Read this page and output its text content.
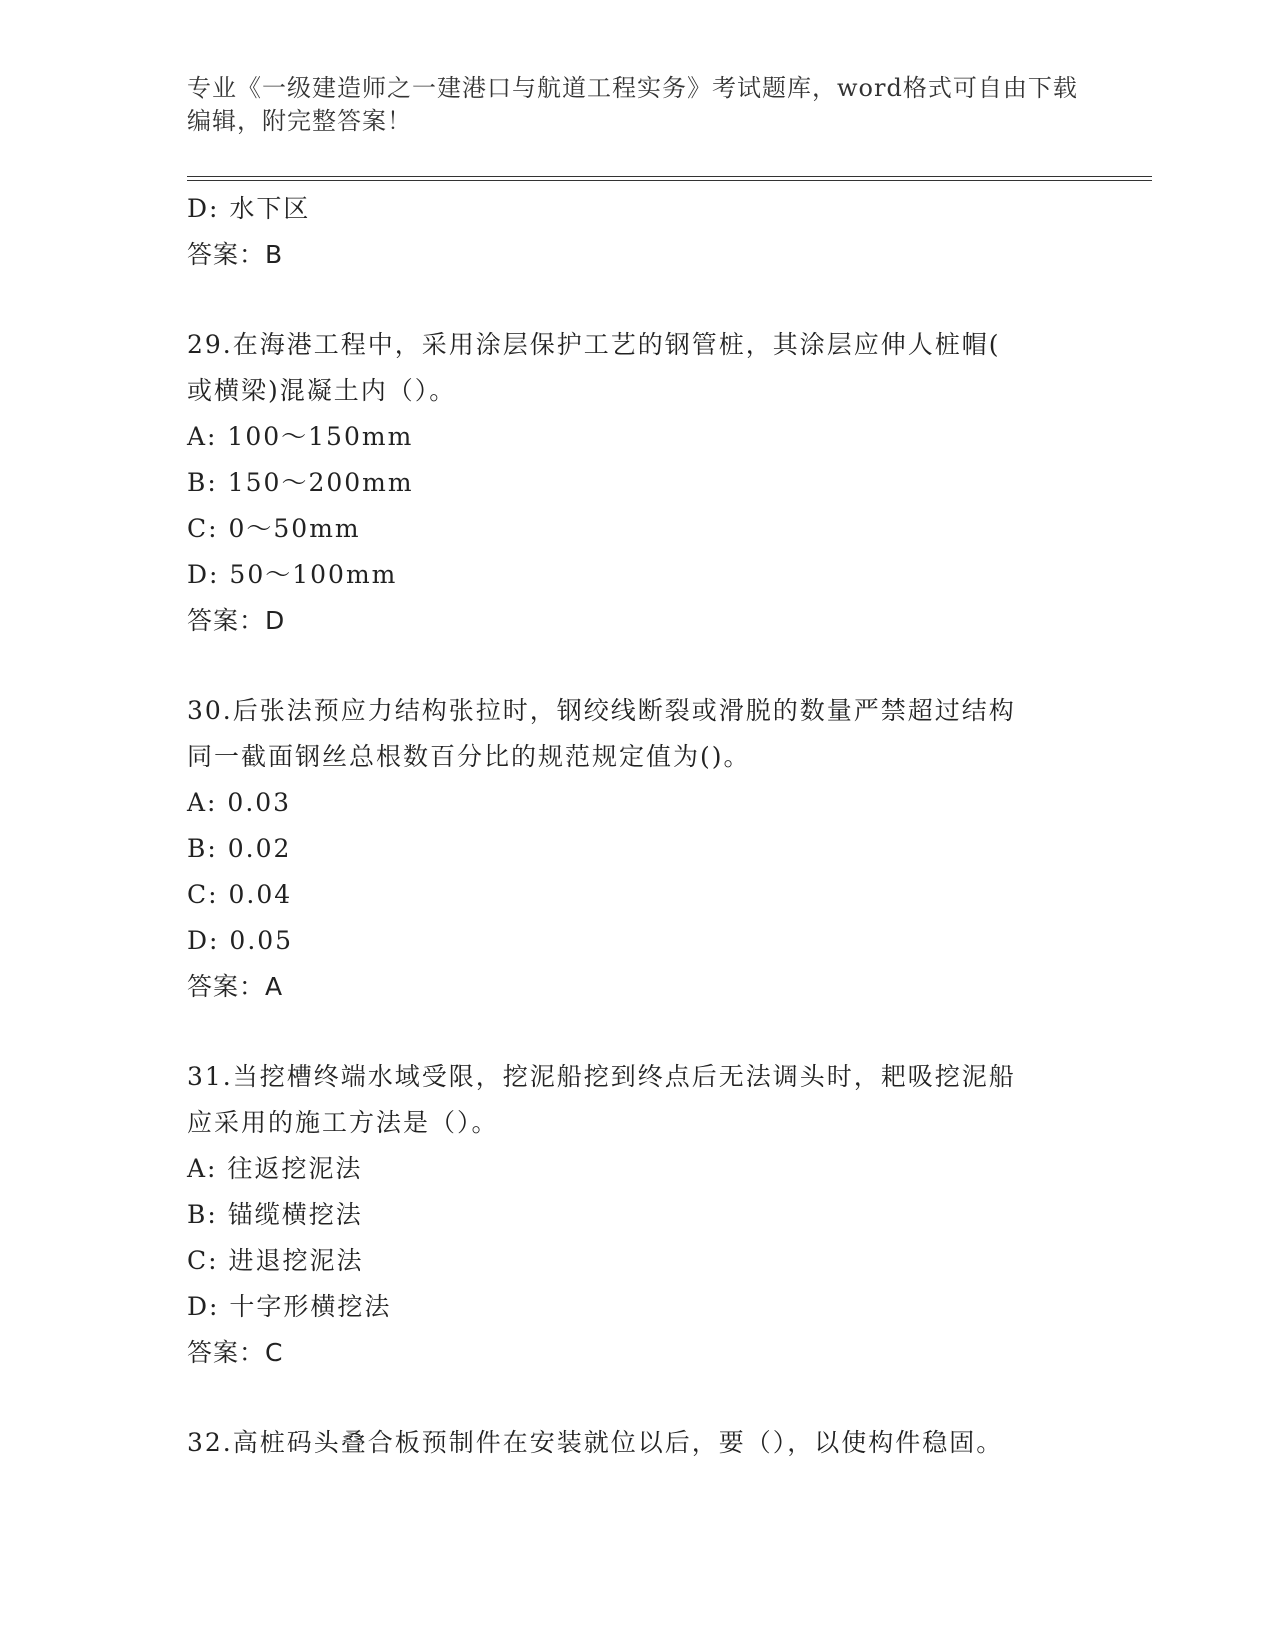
专业《一级建造师之一建港口与航道工程实务》考试题库，word格式可自由下载
编辑，附完整答案！
D: 水下区
答案：B
29.在海港工程中，采用涂层保护工艺的钢管桩，其涂层应伸人桩帽(
或横梁)混凝土内（）。
A: 100～150mm
B: 150～200mm
C: 0～50mm
D: 50～100mm
答案：D
30.后张法预应力结构张拉时，钢绞线断裂或滑脱的数量严禁超过结构
同一截面钢丝总根数百分比的规范规定值为()。
A: 0.03
B: 0.02
C: 0.04
D: 0.05
答案：A
31.当挖槽终端水域受限，挖泥船挖到终点后无法调头时，耙吸挖泥船
应采用的施工方法是（）。
A: 往返挖泥法
B: 锚缆横挖法
C: 进退挖泥法
D: 十字形横挖法
答案：C
32.高桩码头叠合板预制件在安装就位以后，要（），以使构件稳固。
